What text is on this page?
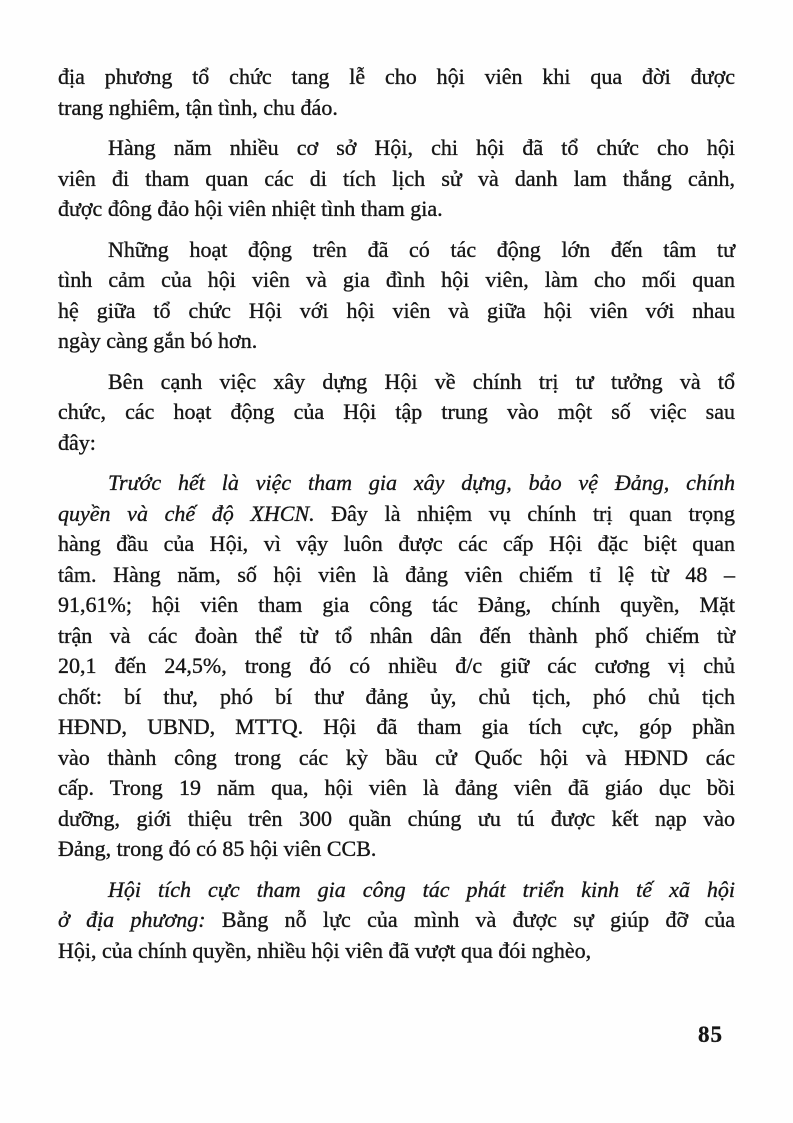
địa phương tổ chức tang lễ cho hội viên khi qua đời được
trang nghiêm, tận tình, chu đáo.
Hàng năm nhiều cơ sở Hội, chi hội đã tổ chức cho hội
viên đi tham quan các di tích lịch sử và danh lam thắng cảnh,
được đông đảo hội viên nhiệt tình tham gia.
Những hoạt động trên đã có tác động lớn đến tâm tư
tình cảm của hội viên và gia đình hội viên, làm cho mối quan
hệ giữa tổ chức Hội với hội viên và giữa hội viên với nhau
ngày càng gắn bó hơn.
Bên cạnh việc xây dựng Hội về chính trị tư tưởng và tổ
chức, các hoạt động của Hội tập trung vào một số việc sau
đây:
Trước hết là việc tham gia xây dựng, bảo vệ Đảng, chính
quyền và chế độ XHCN. Đây là nhiệm vụ chính trị quan trọng
hàng đầu của Hội, vì vậy luôn được các cấp Hội đặc biệt quan
tâm. Hàng năm, số hội viên là đảng viên chiếm tỉ lệ từ 48 –
91,61%; hội viên tham gia công tác Đảng, chính quyền, Mặt
trận và các đoàn thể từ tổ nhân dân đến thành phố chiếm từ
20,1 đến 24,5%, trong đó có nhiều đ/c giữ các cương vị chủ
chốt: bí thư, phó bí thư đảng ủy, chủ tịch, phó chủ tịch
HĐND, UBND, MTTQ. Hội đã tham gia tích cực, góp phần
vào thành công trong các kỳ bầu cử Quốc hội và HĐND các
cấp. Trong 19 năm qua, hội viên là đảng viên đã giáo dục bồi
dưỡng, giới thiệu trên 300 quần chúng ưu tú được kết nạp vào
Đảng, trong đó có 85 hội viên CCB.
Hội tích cực tham gia công tác phát triển kinh tế xã hội
ở địa phương: Bằng nỗ lực của mình và được sự giúp đỡ của
Hội, của chính quyền, nhiều hội viên đã vượt qua đói nghèo,
85
